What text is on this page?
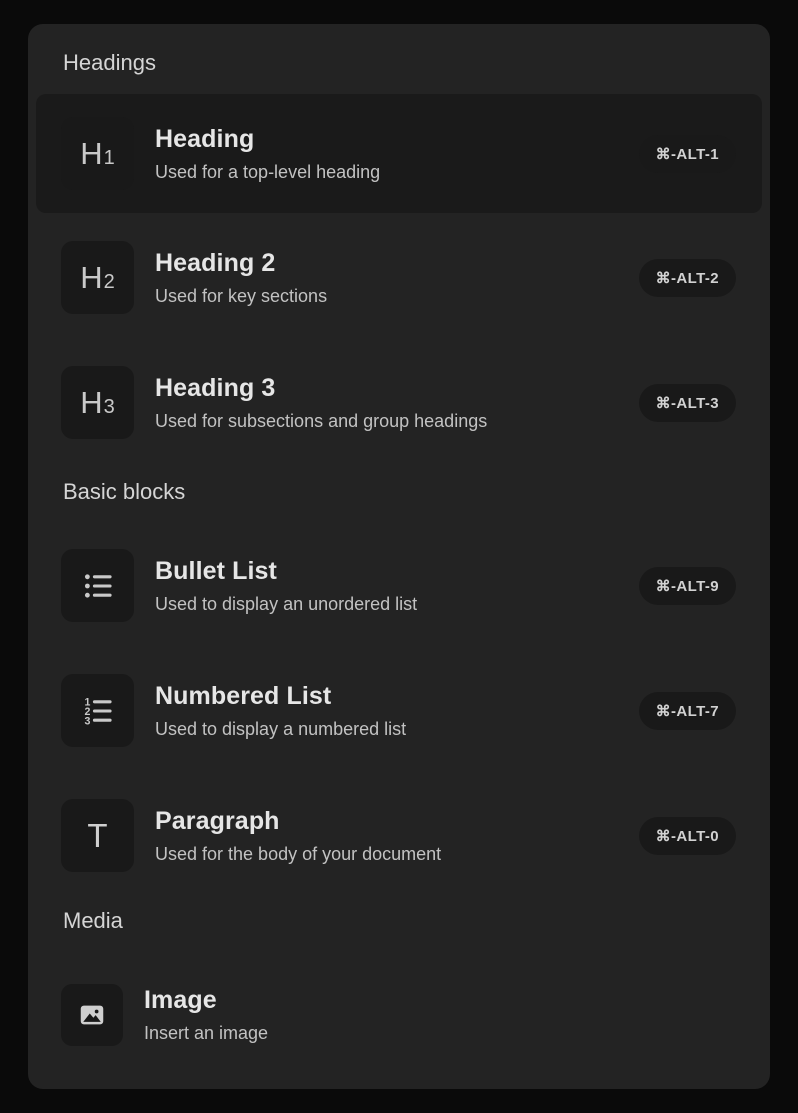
Headings
H 1
Heading
Used for a top-level heading
⌘-ALT-1
H 2
Heading 2
Used for key sections
⌘-ALT-2
H 3
Heading 3
Used for subsections and group headings
⌘-ALT-3
Basic blocks
Bullet List
Used to display an unordered list
⌘-ALT-9
1
2
3
Numbered List
Used to display a numbered list
⌘-ALT-7
T Paragraph
Used for the body of your document
⌘-ALT-0
Media
Image
Insert an image
